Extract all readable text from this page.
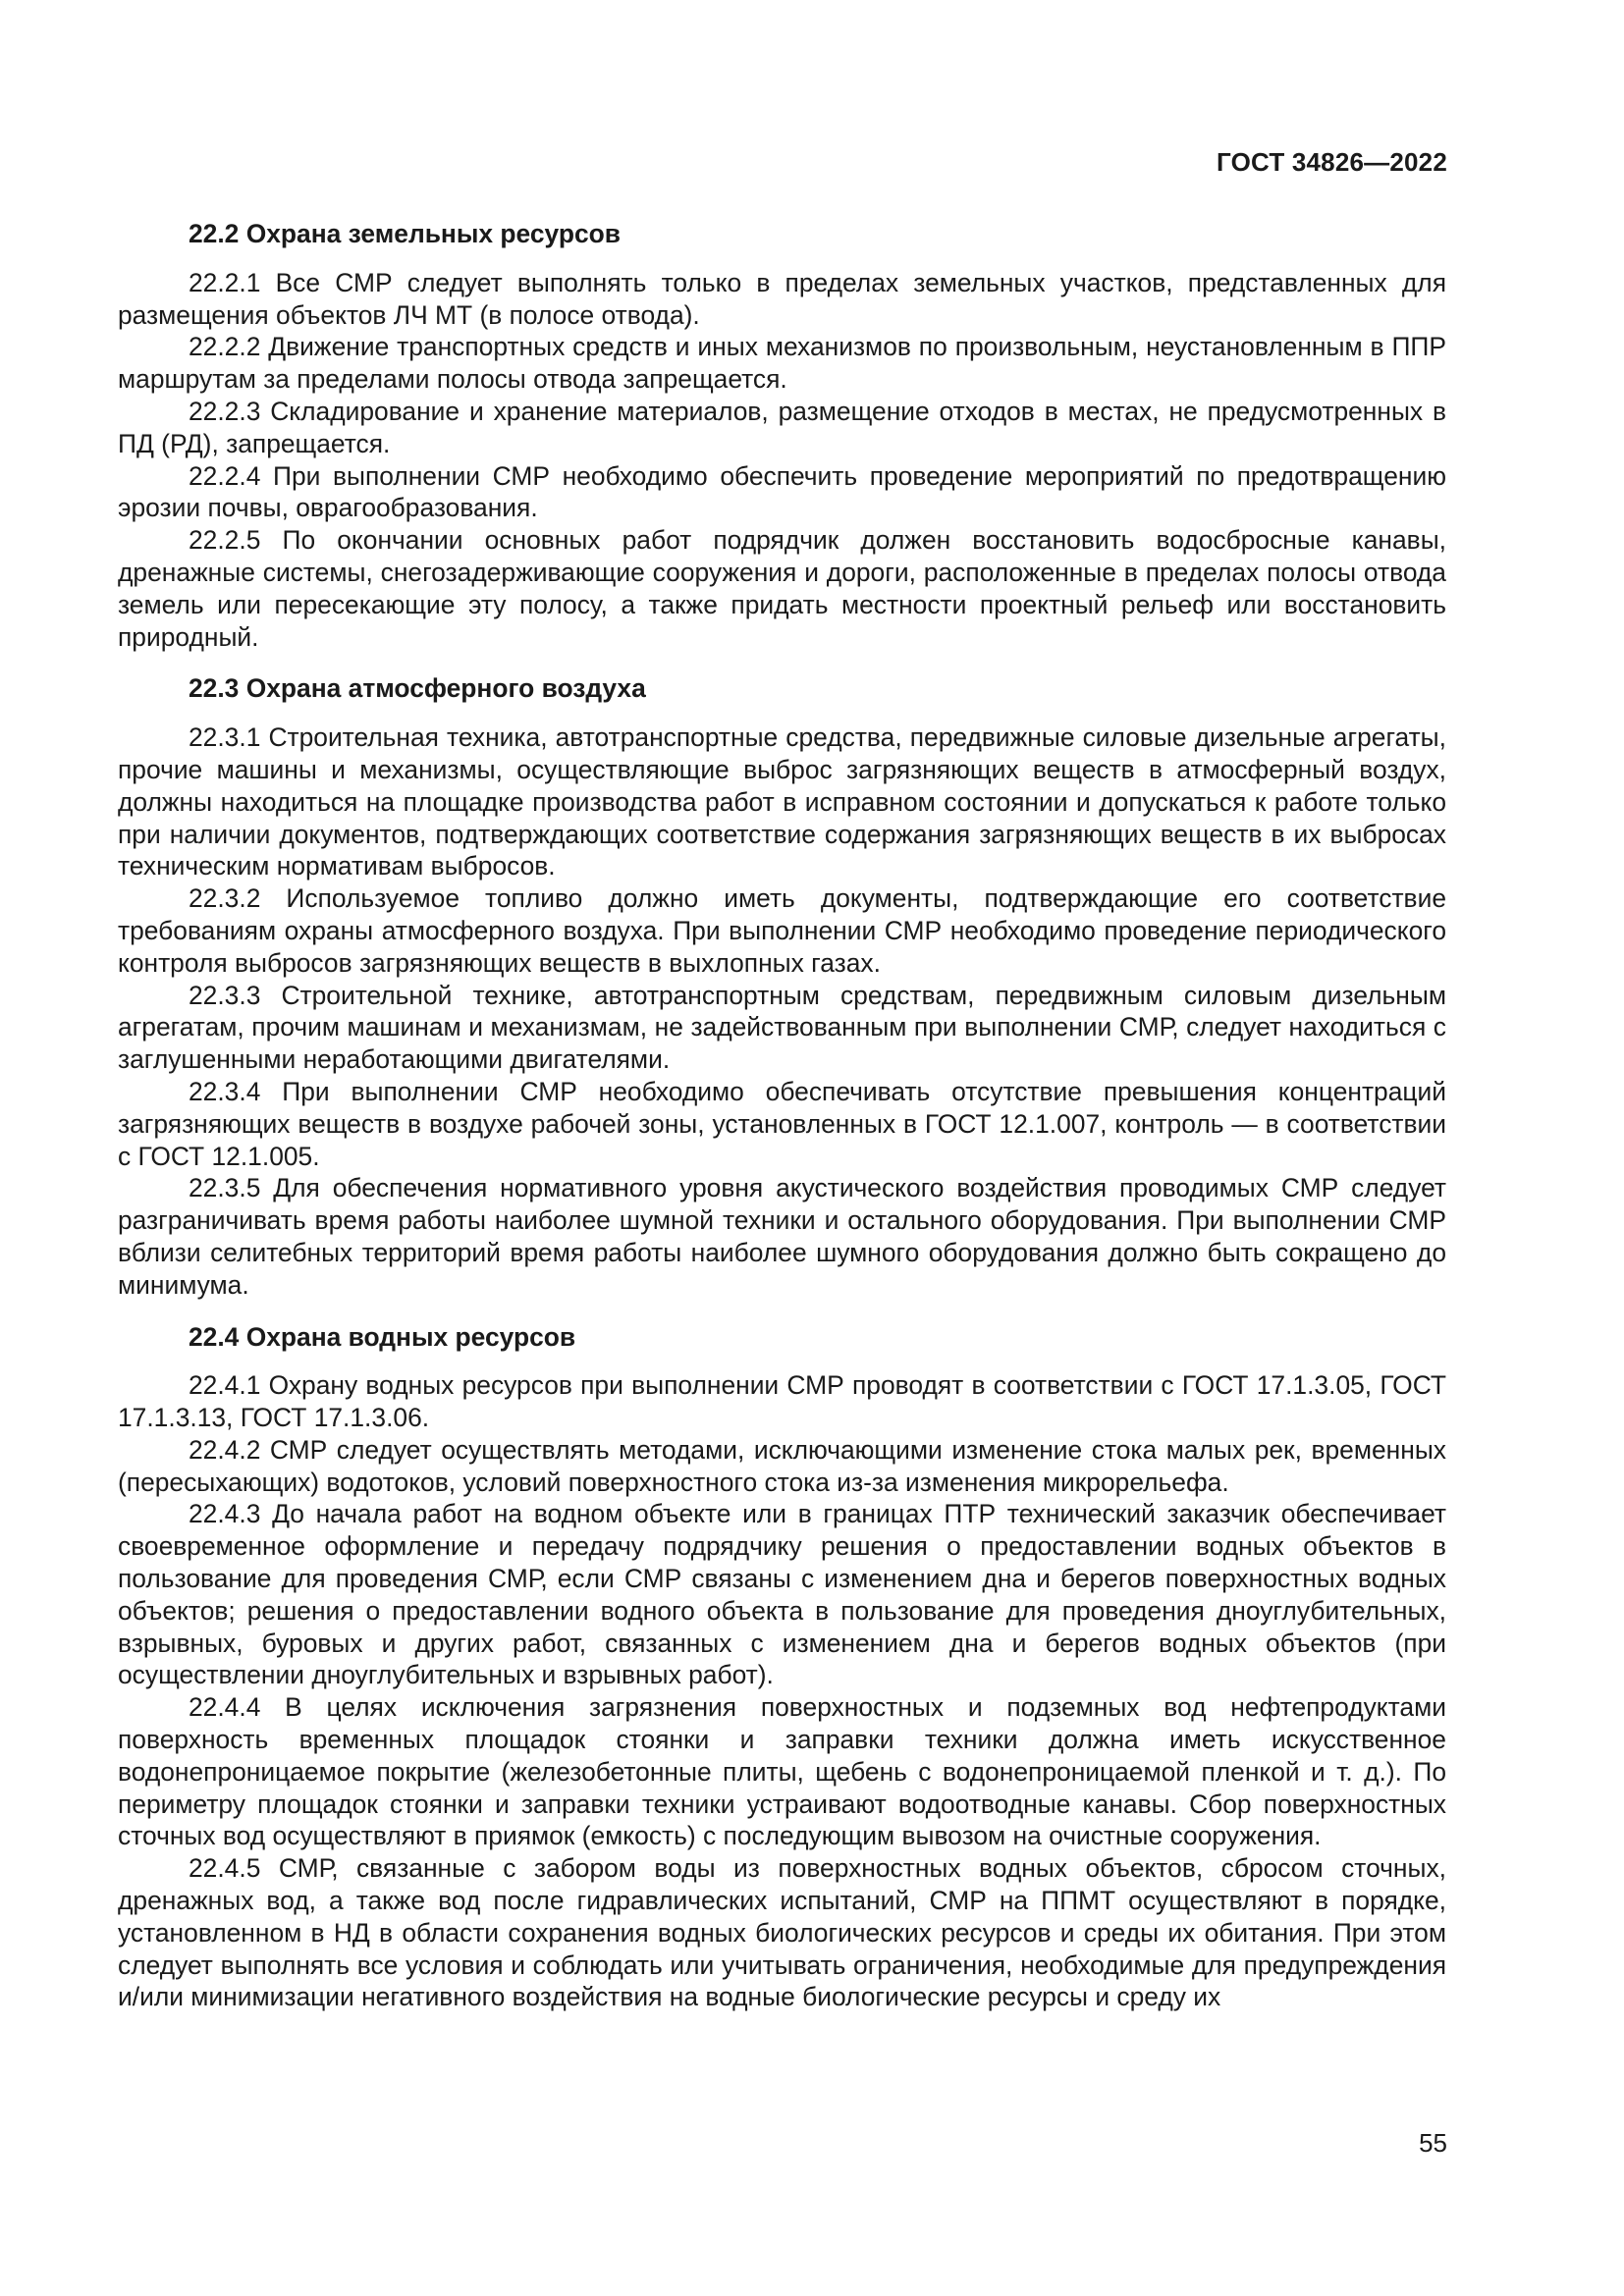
ГОСТ 34826—2022
22.2 Охрана земельных ресурсов

22.2.1 Все СМР следует выполнять только в пределах земельных участков, представленных для размещения объектов ЛЧ МТ (в полосе отвода).

22.2.2 Движение транспортных средств и иных механизмов по произвольным, неустановленным в ППР маршрутам за пределами полосы отвода запрещается.

22.2.3 Складирование и хранение материалов, размещение отходов в местах, не предусмотренных в ПД (РД), запрещается.

22.2.4 При выполнении СМР необходимо обеспечить проведение мероприятий по предотвращению эрозии почвы, оврагообразования.

22.2.5 По окончании основных работ подрядчик должен восстановить водосбросные канавы, дренажные системы, снегозадерживающие сооружения и дороги, расположенные в пределах полосы отвода земель или пересекающие эту полосу, а также придать местности проектный рельеф или восстановить природный.

22.3 Охрана атмосферного воздуха

22.3.1 Строительная техника, автотранспортные средства, передвижные силовые дизельные агрегаты, прочие машины и механизмы, осуществляющие выброс загрязняющих веществ в атмосферный воздух, должны находиться на площадке производства работ в исправном состоянии и допускаться к работе только при наличии документов, подтверждающих соответствие содержания загрязняющих веществ в их выбросах техническим нормативам выбросов.

22.3.2 Используемое топливо должно иметь документы, подтверждающие его соответствие требованиям охраны атмосферного воздуха. При выполнении СМР необходимо проведение периодического контроля выбросов загрязняющих веществ в выхлопных газах.

22.3.3 Строительной технике, автотранспортным средствам, передвижным силовым дизельным агрегатам, прочим машинам и механизмам, не задействованным при выполнении СМР, следует находиться с заглушенными неработающими двигателями.

22.3.4 При выполнении СМР необходимо обеспечивать отсутствие превышения концентраций загрязняющих веществ в воздухе рабочей зоны, установленных в ГОСТ 12.1.007, контроль — в соответствии с ГОСТ 12.1.005.

22.3.5 Для обеспечения нормативного уровня акустического воздействия проводимых СМР следует разграничивать время работы наиболее шумной техники и остального оборудования. При выполнении СМР вблизи селитебных территорий время работы наиболее шумного оборудования должно быть сокращено до минимума.

22.4 Охрана водных ресурсов

22.4.1 Охрану водных ресурсов при выполнении СМР проводят в соответствии с ГОСТ 17.1.3.05, ГОСТ 17.1.3.13, ГОСТ 17.1.3.06.

22.4.2 СМР следует осуществлять методами, исключающими изменение стока малых рек, временных (пересыхающих) водотоков, условий поверхностного стока из-за изменения микрорельефа.

22.4.3 До начала работ на водном объекте или в границах ПТР технический заказчик обеспечивает своевременное оформление и передачу подрядчику решения о предоставлении водных объектов в пользование для проведения СМР, если СМР связаны с изменением дна и берегов поверхностных водных объектов; решения о предоставлении водного объекта в пользование для проведения дноуглубительных, взрывных, буровых и других работ, связанных с изменением дна и берегов водных объектов (при осуществлении дноуглубительных и взрывных работ).

22.4.4 В целях исключения загрязнения поверхностных и подземных вод нефтепродуктами поверхность временных площадок стоянки и заправки техники должна иметь искусственное водонепроницаемое покрытие (железобетонные плиты, щебень с водонепроницаемой пленкой и т. д.). По периметру площадок стоянки и заправки техники устраивают водоотводные канавы. Сбор поверхностных сточных вод осуществляют в приямок (емкость) с последующим вывозом на очистные сооружения.

22.4.5 СМР, связанные с забором воды из поверхностных водных объектов, сбросом сточных, дренажных вод, а также вод после гидравлических испытаний, СМР на ППМТ осуществляют в порядке, установленном в НД в области сохранения водных биологических ресурсов и среды их обитания. При этом следует выполнять все условия и соблюдать или учитывать ограничения, необходимые для предупреждения и/или минимизации негативного воздействия на водные биологические ресурсы и среду их

55
